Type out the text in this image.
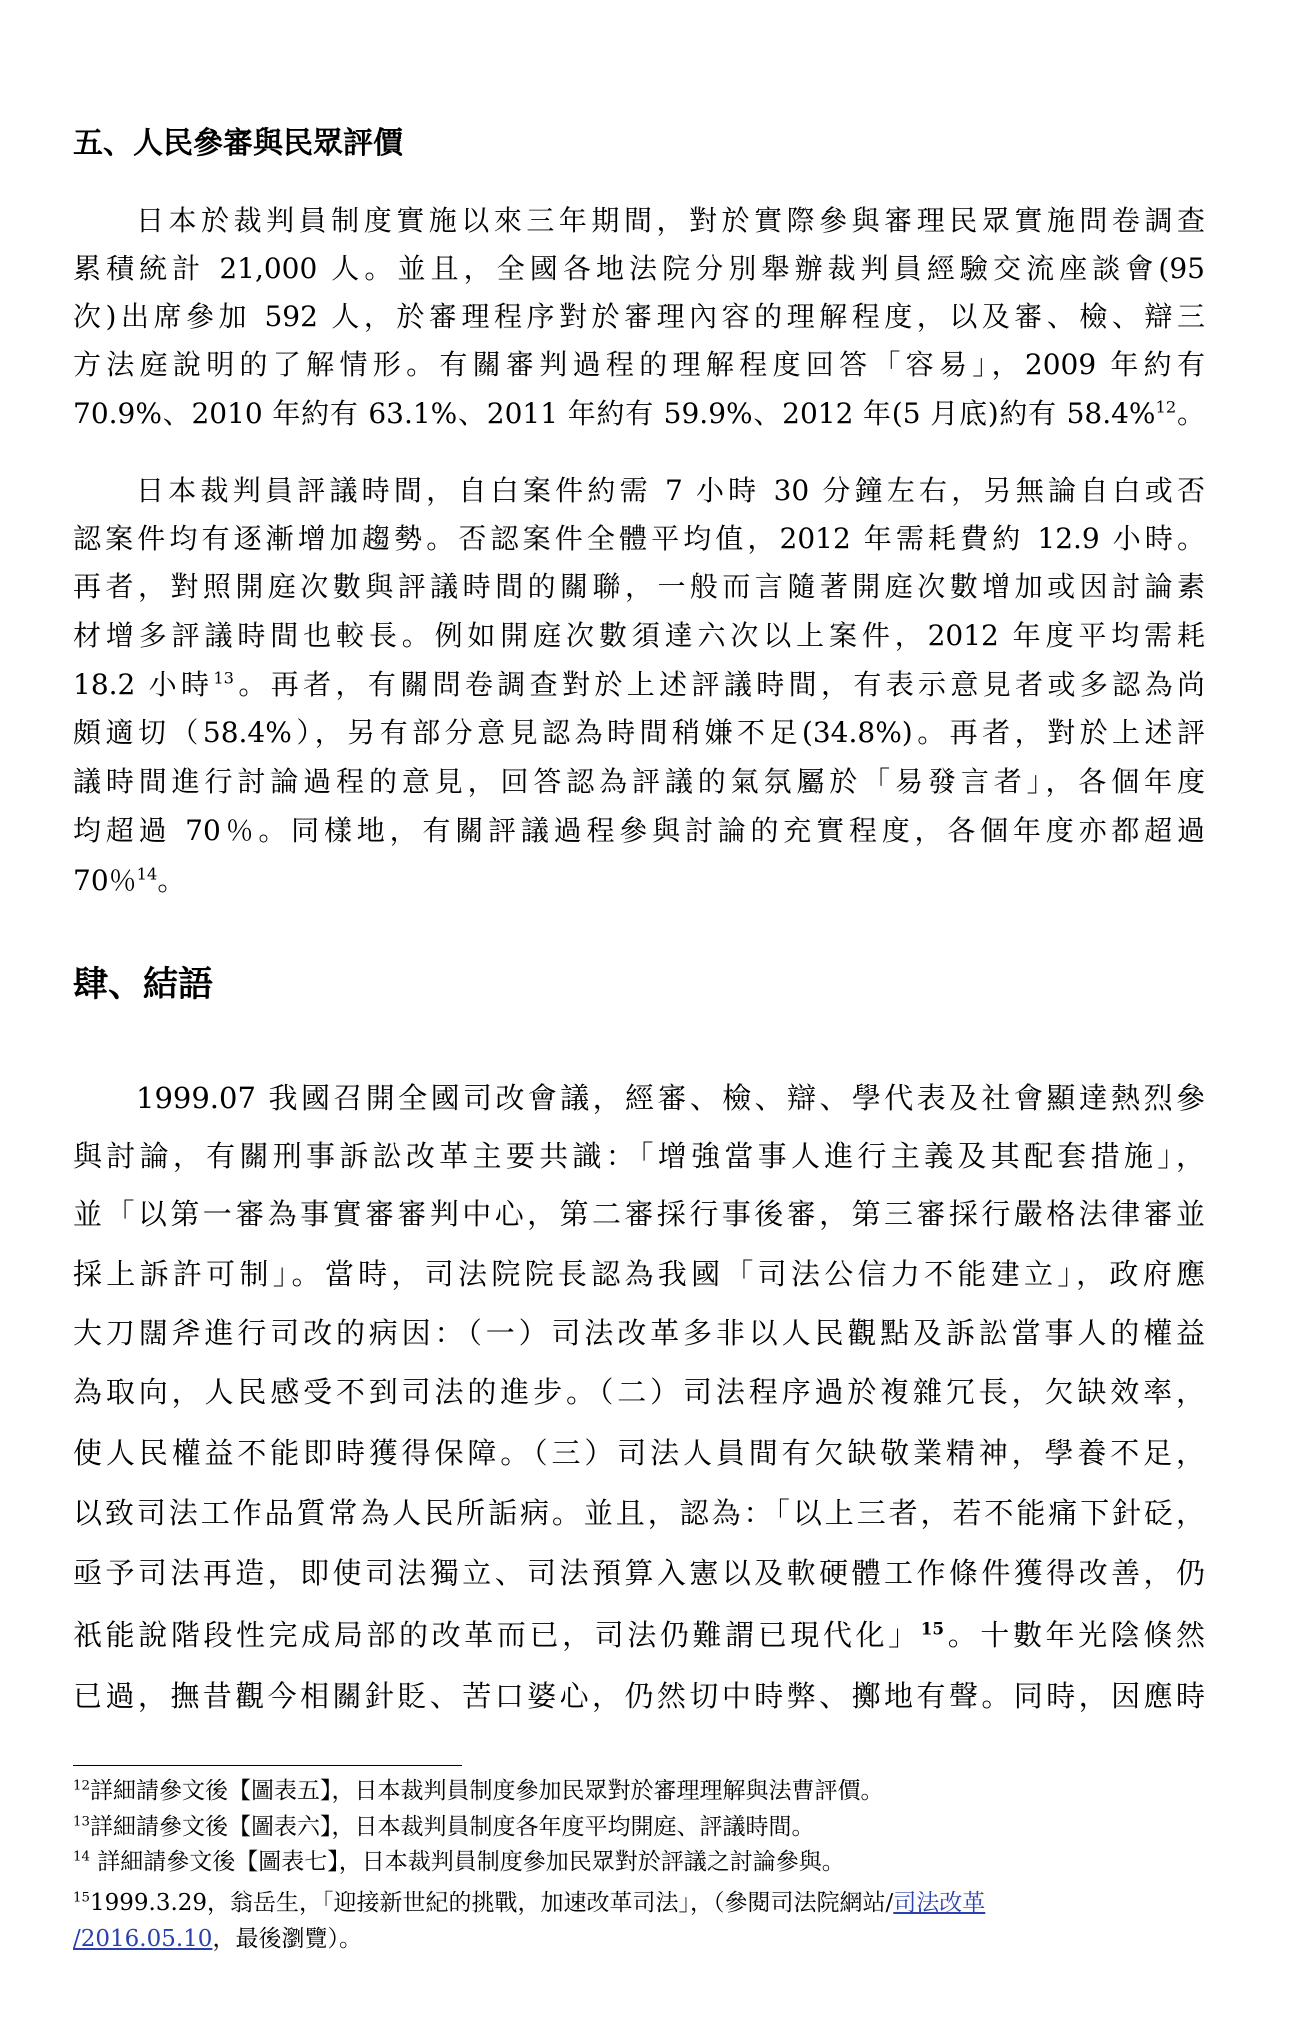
五、人民參審與民眾評價
日本於裁判員制度實施以來三年期間，對於實際參與審理民眾實施問卷調查
累積統計 21,000 人。並且，全國各地法院分別舉辦裁判員經驗交流座談會(95
次)出席參加 592 人，於審理程序對於審理內容的理解程度，以及審、檢、辯三
方法庭說明的了解情形。有關審判過程的理解程度回答「容易」，2009 年約有
70.9%、2010 年約有 63.1%、2011 年約有 59.9%、2012 年(5 月底)約有 58.4%$^{12}$。
日本裁判員評議時間，自白案件約需 7 小時 30 分鐘左右，另無論自白或否
認案件均有逐漸增加趨勢。否認案件全體平均值，2012 年需耗費約 12.9 小時。
再者，對照開庭次數與評議時間的關聯，一般而言隨著開庭次數增加或因討論素
材增多評議時間也較長。例如開庭次數須達六次以上案件，2012 年度平均需耗
18.2 小時$^{13}$。再者，有關問卷調查對於上述評議時間，有表示意見者或多認為尚
頗適切（58.4%），另有部分意見認為時間稍嫌不足(34.8%)。再者，對於上述評
議時間進行討論過程的意見，回答認為評議的氣氛屬於「易發言者」，各個年度
均超過 70％。同樣地，有關評議過程參與討論的充實程度，各個年度亦都超過
70％$^{14}$。
肆、結語
1999.07 我國召開全國司改會議，經審、檢、辯、學代表及社會顯達熱烈參
與討論，有關刑事訴訟改革主要共識：「增強當事人進行主義及其配套措施」，
並「以第一審為事實審審判中心，第二審採行事後審，第三審採行嚴格法律審並
採上訴許可制」。當時，司法院院長認為我國「司法公信力不能建立」，政府應
大刀闊斧進行司改的病因：（一）司法改革多非以人民觀點及訴訟當事人的權益
為取向，人民感受不到司法的進步。（二）司法程序過於複雜冗長，欠缺效率，
使人民權益不能即時獲得保障。（三）司法人員間有欠缺敬業精神，學養不足，
以致司法工作品質常為人民所詬病。並且，認為：「以上三者，若不能痛下針砭，
亟予司法再造，即使司法獨立、司法預算入憲以及軟硬體工作條件獲得改善，仍
祇能說階段性完成局部的改革而已，司法仍難謂已現代化」$^{15}$。十數年光陰倏然
已過，撫昔觀今相關針貶、苦口婆心，仍然切中時弊、擲地有聲。同時，因應時
$^{12}$詳細請參文後【圖表五】，日本裁判員制度參加民眾對於審理理解與法曹評價。
$^{13}$詳細請參文後【圖表六】，日本裁判員制度各年度平均開庭、評議時間。
$^{14}$ 詳細請參文後【圖表七】，日本裁判員制度參加民眾對於評議之討論參與。
$^{15}$1999.3.29，翁岳生，「迎接新世紀的挑戰，加速改革司法」，（參閱司法院網站/司法改革
/2016.05.10，最後瀏覽）。
